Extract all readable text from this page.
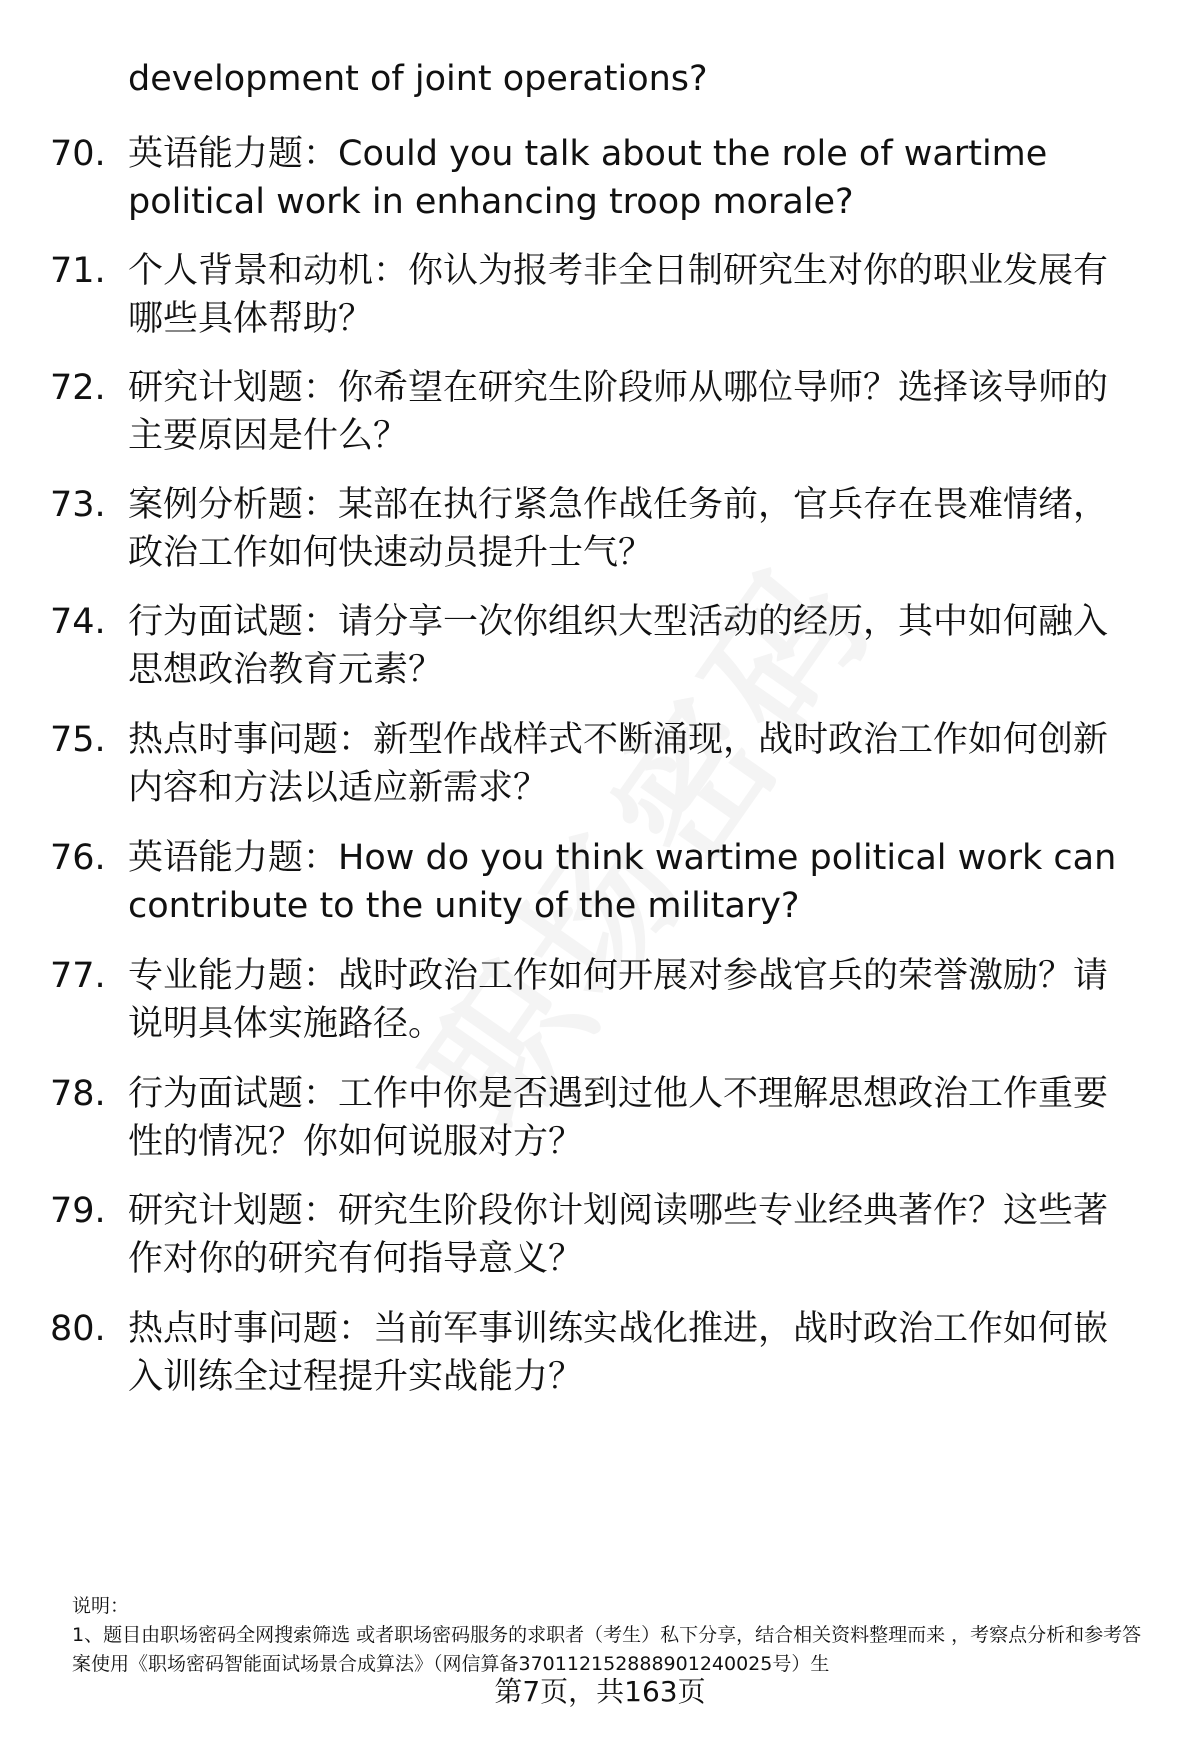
development of joint operations?

70. 英语能力题：Could you talk about the role of wartime political work in enhancing troop morale?
71. 个人背景和动机：你认为报考非全日制研究生对你的职业发展有哪些具体帮助？
72. 研究计划题：你希望在研究生阶段师从哪位导师？选择该导师的主要原因是什么？
73. 案例分析题：某部在执行紧急作战任务前，官兵存在畏难情绪，政治工作如何快速动员提升士气？
74. 行为面试题：请分享一次你组织大型活动的经历，其中如何融入思想政治教育元素？
75. 热点时事问题：新型作战样式不断涌现，战时政治工作如何创新内容和方法以适应新需求？
76. 英语能力题：How do you think wartime political work can contribute to the unity of the military?
77. 专业能力题：战时政治工作如何开展对参战官兵的荣誉激励？请说明具体实施路径。
78. 行为面试题：工作中你是否遇到过他人不理解思想政治工作重要性的情况？你如何说服对方？
79. 研究计划题：研究生阶段你计划阅读哪些专业经典著作？这些著作对你的研究有何指导意义？
80. 热点时事问题：当前军事训练实战化推进，战时政治工作如何嵌入训练全过程提升实战能力？

说明：

1、题目由职场密码全网搜索筛选 或者职场密码服务的求职者（考生）私下分享，结合相关资料整理而来 ，考察点分析和参考答案使用《职场密码智能面试场景合成算法》（网信算备370112152888901240025号）生

第7页，共163页
